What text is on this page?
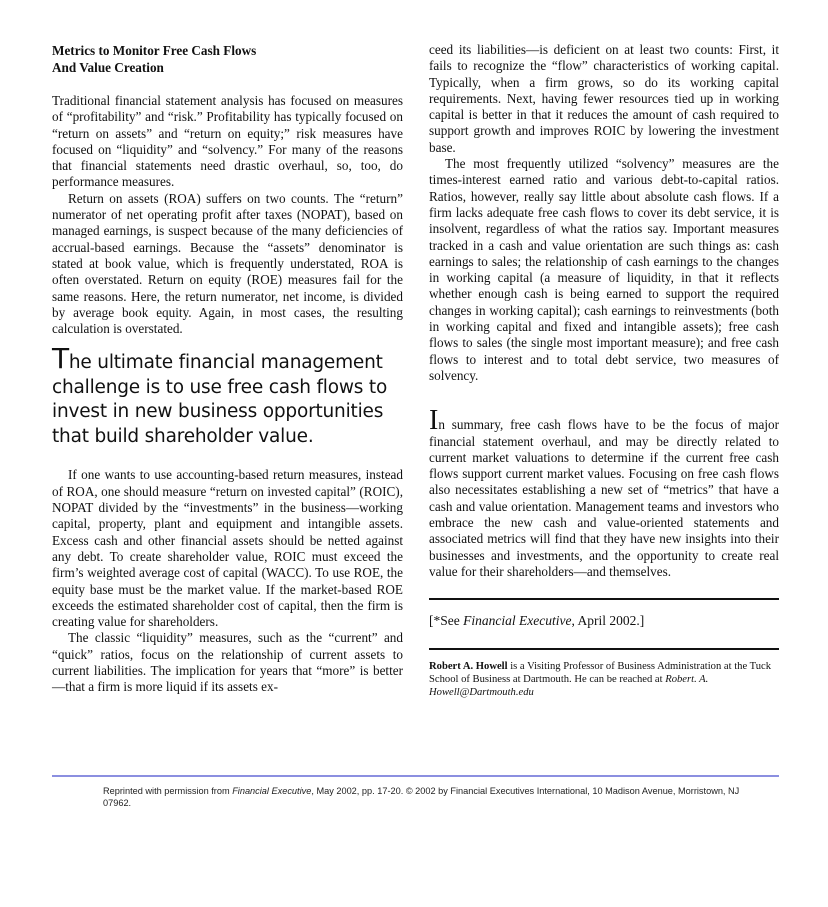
Metrics to Monitor Free Cash Flows
And Value Creation

Traditional financial statement analysis has focused on measures of “profitability” and “risk.” Profitability has typically focused on “return on assets” and “return on equity;” risk measures have focused on “liquidity” and “solvency.” For many of the reasons that financial statements need drastic overhaul, so, too, do performance measures.

Return on assets (ROA) suffers on two counts. The “return” numerator of net operating profit after taxes (NOPAT), based on managed earnings, is suspect because of the many deficiencies of accrual-based earnings. Because the “assets” denominator is stated at book value, which is frequently understated, ROA is often overstated. Return on equity (ROE) measures fail for the same reasons. Here, the return numerator, net income, is divided by average book equity. Again, in most cases, the resulting calculation is overstated.

The ultimate financial management challenge is to use free cash flows to invest in new business opportunities that build shareholder value.

If one wants to use accounting-based return measures, instead of ROA, one should measure “return on invested capital” (ROIC), NOPAT divided by the “investments” in the business—working capital, property, plant and equipment and intangible assets. Excess cash and other financial assets should be netted against any debt. To create shareholder value, ROIC must exceed the firm’s weighted average cost of capital (WACC). To use ROE, the equity base must be the market value. If the market-based ROE exceeds the estimated shareholder cost of capital, then the firm is creating value for shareholders.

The classic “liquidity” measures, such as the “current” and “quick” ratios, focus on the relationship of current assets to current liabilities. The implication for years that “more” is better—that a firm is more liquid if its assets ex-

ceed its liabilities—is deficient on at least two counts: First, it fails to recognize the “flow” characteristics of working capital. Typically, when a firm grows, so do its working capital requirements. Next, having fewer resources tied up in working capital is better in that it reduces the amount of cash required to support growth and improves ROIC by lowering the investment base.

The most frequently utilized “solvency” measures are the times-interest earned ratio and various debt-to-capital ratios. Ratios, however, really say little about absolute cash flows. If a firm lacks adequate free cash flows to cover its debt service, it is insolvent, regardless of what the ratios say. Important measures tracked in a cash and value orientation are such things as: cash earnings to sales; the relationship of cash earnings to the changes in working capital (a measure of liquidity, in that it reflects whether enough cash is being earned to support the required changes in working capital); cash earnings to reinvestments (both in working capital and fixed and intangible assets); free cash flows to sales (the single most important measure); and free cash flows to interest and to total debt service, two measures of solvency.

In summary, free cash flows have to be the focus of major financial statement overhaul, and may be directly related to current market valuations to determine if the current free cash flows support current market values. Focusing on free cash flows also necessitates establishing a new set of “metrics” that have a cash and value orientation. Management teams and investors who embrace the new cash and value-oriented statements and associated metrics will find that they have new insights into their businesses and investments, and the opportunity to create real value for their shareholders—and themselves.

[*See Financial Executive, April 2002.]
Robert A. Howell is a Visiting Professor of Business Administration at the Tuck School of Business at Dartmouth. He can be reached at Robert. A. Howell@Dartmouth.edu
Reprinted with permission from Financial Executive, May 2002, pp. 17-20. © 2002 by Financial Executives International, 10 Madison Avenue, Morristown, NJ 07962.
